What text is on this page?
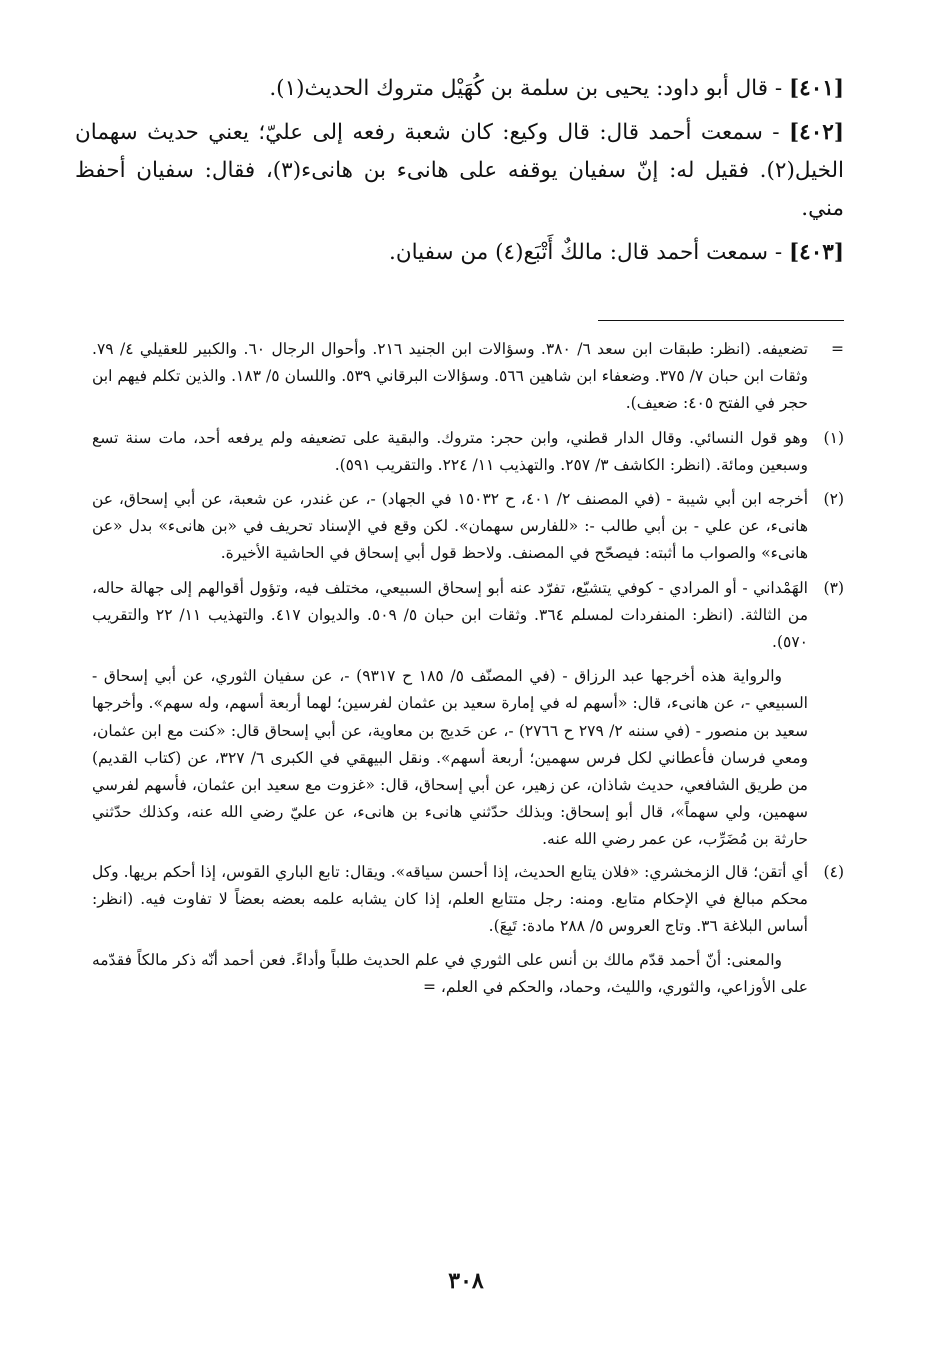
[٤٠١] - قال أبو داود: يحيى بن سلمة بن كُهَيْل متروك الحديث(١).

[٤٠٢] - سمعت أحمد قال: قال وكيع: كان شعبة رفعه إلى عليّ؛ يعني حديث سهمان الخيل(٢). فقيل له: إنّ سفيان يوقفه على هانىء بن هانىء(٣)، فقال: سفيان أحفظ مني.

[٤٠٣] - سمعت أحمد قال: مالكٌ أَتْبَع(٤) من سفيان.

=
تضعيفه. (انظر: طبقات ابن سعد ٦/ ٣٨٠. وسؤالات ابن الجنيد ٢١٦. وأحوال الرجال ٦٠. والكبير للعقيلي ٤/ ٧٩. وثقات ابن حبان ٧/ ٣٧٥. وضعفاء ابن شاهين ٥٦٦. وسؤالات البرقاني ٥٣٩. واللسان ٥/ ١٨٣. والذين تكلم فيهم ابن حجر في الفتح ٤٠٥: ضعيف).

(١)
وهو قول النسائي. وقال الدار قطني، وابن حجر: متروك. والبقية على تضعيفه ولم يرفعه أحد، مات سنة تسع وسبعين ومائة. (انظر: الكاشف ٣/ ٢٥٧. والتهذيب ١١/ ٢٢٤. والتقريب ٥٩١).

(٢)
أخرجه ابن أبي شيبة - (في المصنف ٢/ ٤٠١، ح ١٥٠٣٢ في الجهاد) -، عن غندر، عن شعبة، عن أبي إسحاق، عن هانىء، عن علي - بن أبي طالب -: «للفارس سهمان». لكن وقع في الإسناد تحريف في «بن هانىء» بدل «عن هانىء» والصواب ما أثبته: فيصحّح في المصنف. ولاحظ قول أبي إسحاق في الحاشية الأخيرة.

(٣)
الهَمْداني - أو المرادي - كوفي يتشيّع، تفرّد عنه أبو إسحاق السبيعي، مختلف فيه، وتؤول أقوالهم إلى جهالة حاله، من الثالثة. (انظر: المنفردات لمسلم ٣٦٤. وثقات ابن حبان ٥/ ٥٠٩. والديوان ٤١٧. والتهذيب ١١/ ٢٢ والتقريب ٥٧٠).

والرواية هذه أخرجها عبد الرزاق - (في المصنّف ٥/ ١٨٥ ح ٩٣١٧) -، عن سفيان الثوري، عن أبي إسحاق - السبيعي -، عن هانىء، قال: «أسهم له في إمارة سعيد بن عثمان لفرسين؛ لهما أربعة أسهم، وله سهم». وأخرجها سعيد بن منصور - (في سننه ٢/ ٢٧٩ ح ٢٧٦٦) -، عن حَديج بن معاوية، عن أبي إسحاق قال: «كنت مع ابن عثمان، ومعي فرسان فأعطاني لكل فرس سهمين؛ أربعة أسهم». ونقل البيهقي في الكبرى ٦/ ٣٢٧، عن (كتاب القديم) من طريق الشافعي، حديث شاذان، عن زهير، عن أبي إسحاق، قال: «غزوت مع سعيد ابن عثمان، فأسهم لفرسي سهمين، ولي سهماً»، قال أبو إسحاق: وبذلك حدّثني هانىء بن هانىء، عن عليّ رضي الله عنه، وكذلك حدّثني حارثة بن مُضَرِّب، عن عمر رضي الله عنه.

(٤)
أي أتقن؛ قال الزمخشري: «فلان يتابع الحديث، إذا أحسن سياقه». ويقال: تابع الباري القوس، إذا أحكم بريها. وكل محكم مبالغ في الإحكام متابع. ومنه: رجل متتابع العلم، إذا كان يشابه علمه بعضه بعضاً لا تفاوت فيه. (انظر: أساس البلاغة ٣٦. وتاج العروس ٥/ ٢٨٨ مادة: تَبِعَ).

والمعنى: أنّ أحمد قدّم مالك بن أنس على الثوري في علم الحديث طلباً وأداءً. فعن أحمد أنّه ذكر مالكاً فقدّمه على الأوزاعي، والثوري، والليث، وحماد، والحكم في العلم، =

٣٠٨
